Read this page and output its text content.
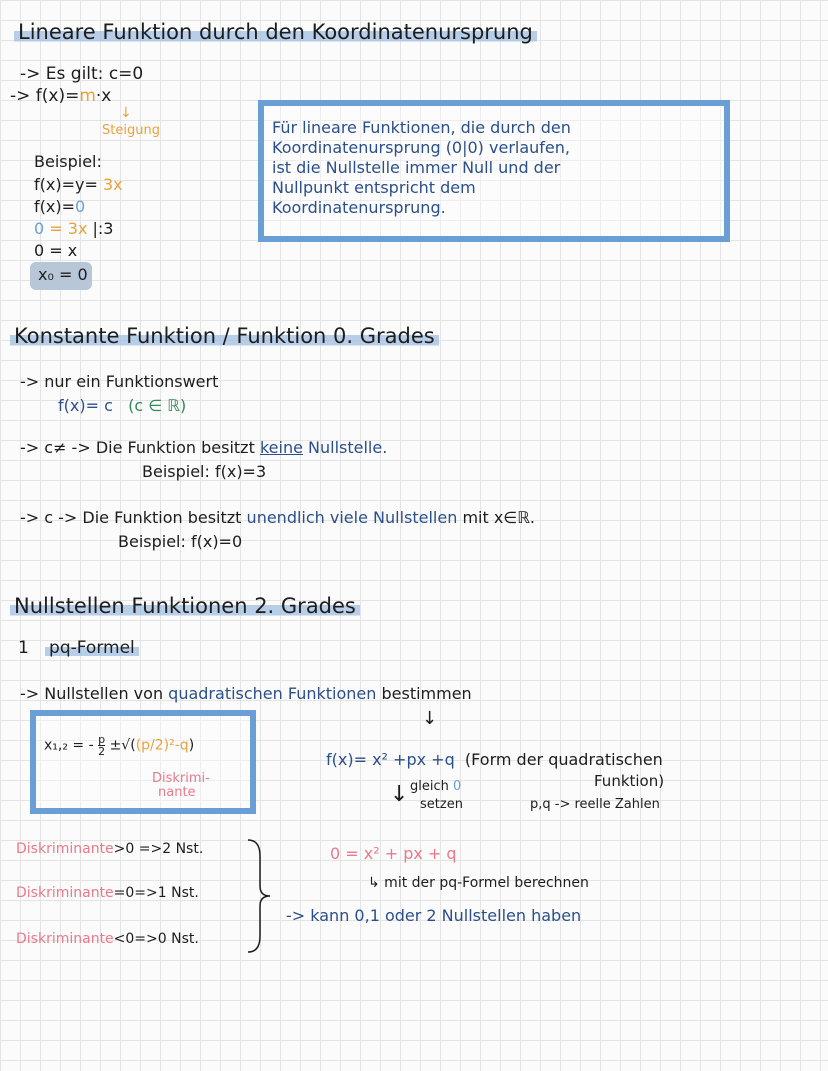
Lineare Funktion durch den Koordinatenursprung
-> Es gilt: c=0
-> f(x)=m·x
↓
Steigung
Beispiel:
f(x)=y= 3x
f(x)=0
0 = 3x |:3
0 = x
x₀ = 0
Für lineare Funktionen, die durch den
Koordinatenursprung (0|0) verlaufen,
ist die Nullstelle immer Null und der
Nullpunkt entspricht dem
Koordinatenursprung.
Konstante Funktion / Funktion 0. Grades
-> nur ein Funktionswert
f(x)= c (c ∈ ℝ)
-> c≠ -> Die Funktion besitzt keine Nullstelle.
Beispiel: f(x)=3
-> c -> Die Funktion besitzt unendlich viele Nullstellen mit x∈ℝ.
Beispiel: f(x)=0
Nullstellen Funktionen 2. Grades
1 pq-Formel
-> Nullstellen von quadratischen Funktionen bestimmen
↓
x₁,₂ = - $\frac{p}{2} \pm√((p/2)^2-q)$
Diskrimi-
nante
f(x)= x² +px +q (Form der quadratischen
Funktion)
↓ gleich 0
setzen	p,q -> reelle Zahlen
Diskriminante>0 =>2 Nst.
Diskriminante=0=>1 Nst.
Diskriminante<0=>0 Nst.
0 = x² + px + q
↳ mit der pq-Formel berechnen
-> kann 0,1 oder 2 Nullstellen haben
